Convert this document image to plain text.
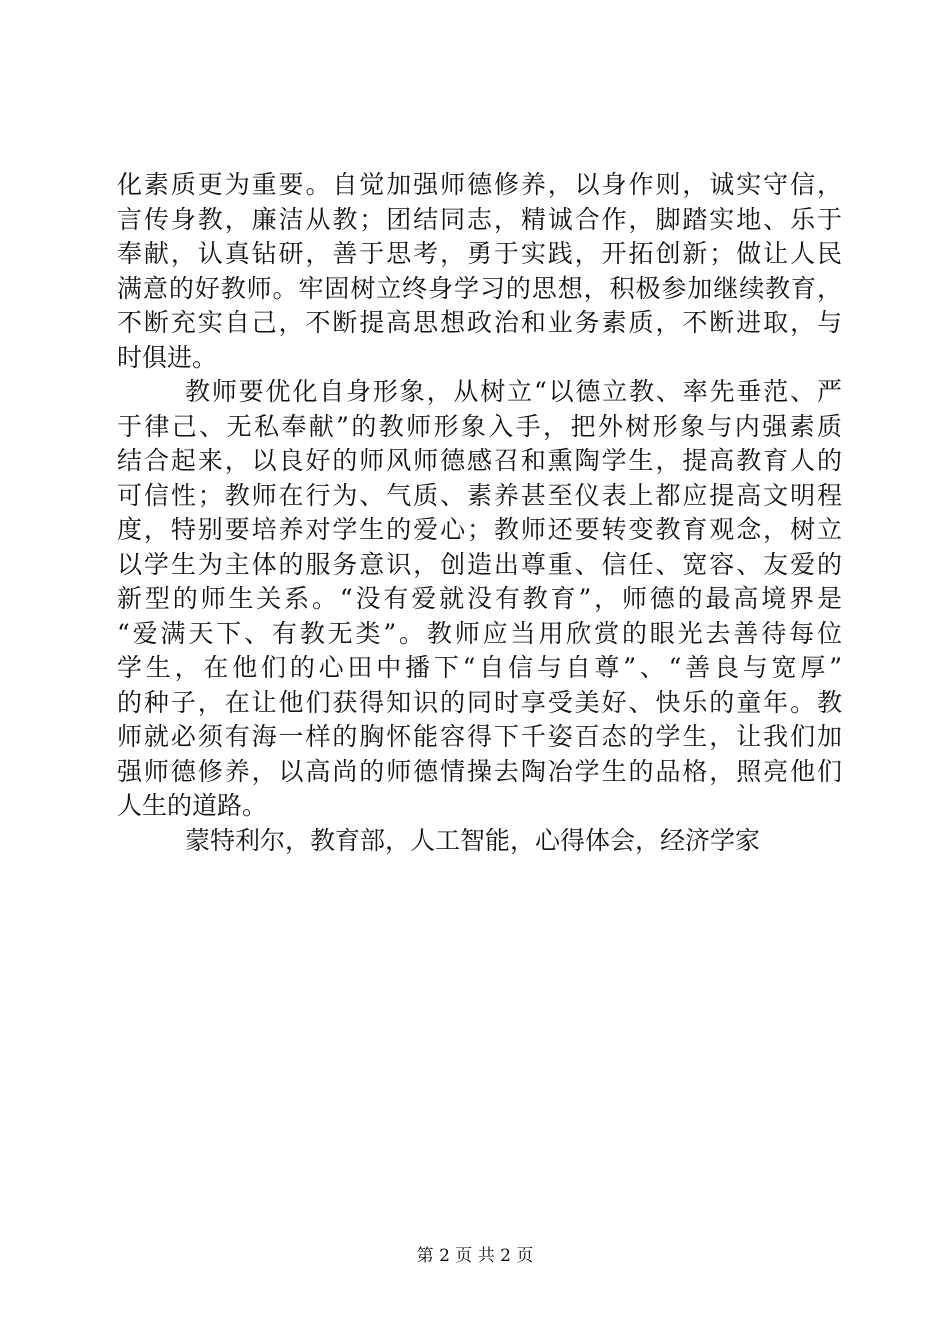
化素质更为重要。自觉加强师德修养，以身作则，诚实守信，
言传身教，廉洁从教；团结同志，精诚合作，脚踏实地、乐于
奉献，认真钻研，善于思考，勇于实践，开拓创新；做让人民
满意的好教师。牢固树立终身学习的思想，积极参加继续教育，
不断充实自己，不断提高思想政治和业务素质，不断进取，与
时俱进。
教师要优化自身形象，从树立“以德立教、率先垂范、严
于律己、无私奉献”的教师形象入手，把外树形象与内强素质
结合起来，以良好的师风师德感召和熏陶学生，提高教育人的
可信性；教师在行为、气质、素养甚至仪表上都应提高文明程
度，特别要培养对学生的爱心；教师还要转变教育观念，树立
以学生为主体的服务意识，创造出尊重、信任、宽容、友爱的
新型的师生关系。“没有爱就没有教育”，师德的最高境界是
“爱满天下、有教无类”。教师应当用欣赏的眼光去善待每位
学生，在他们的心田中播下“自信与自尊”、“善良与宽厚”
的种子，在让他们获得知识的同时享受美好、快乐的童年。教
师就必须有海一样的胸怀能容得下千姿百态的学生，让我们加
强师德修养，以高尚的师德情操去陶冶学生的品格，照亮他们
人生的道路。
蒙特利尔，教育部，人工智能，心得体会，经济学家
第 2 页 共 2 页
